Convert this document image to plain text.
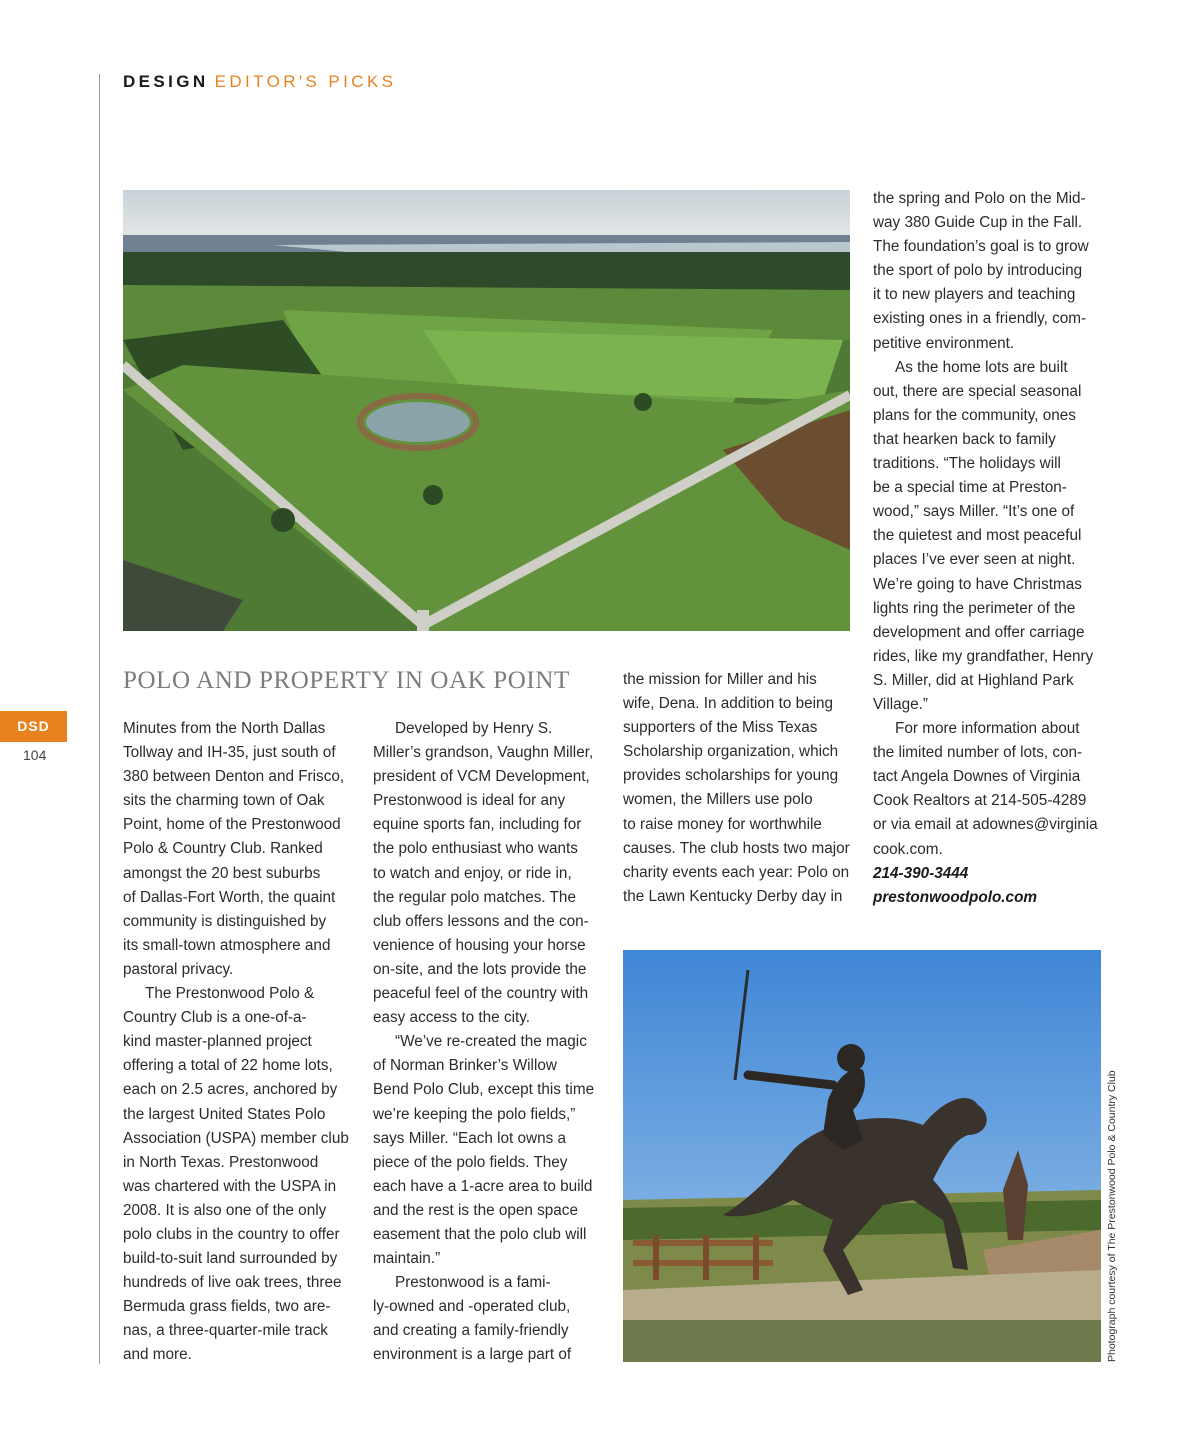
DESIGN EDITOR'S PICKS
DSD
104
POLO AND PROPERTY IN OAK POINT
Minutes from the North Dallas
Tollway and IH-35, just south of
380 between Denton and Frisco,
sits the charming town of Oak
Point, home of the Prestonwood
Polo & Country Club. Ranked
amongst the 20 best suburbs
of Dallas-Fort Worth, the quaint
community is distinguished by
its small-town atmosphere and
pastoral privacy.
The Prestonwood Polo &
Country Club is a one-of-a-
kind master-planned project
offering a total of 22 home lots,
each on 2.5 acres, anchored by
the largest United States Polo
Association (USPA) member club
in North Texas. Prestonwood
was chartered with the USPA in
2008. It is also one of the only
polo clubs in the country to offer
build-to-suit land surrounded by
hundreds of live oak trees, three
Bermuda grass fields, two are-
nas, a three-quarter-mile track
and more.
Developed by Henry S.
Miller’s grandson, Vaughn Miller,
president of VCM Development,
Prestonwood is ideal for any
equine sports fan, including for
the polo enthusiast who wants
to watch and enjoy, or ride in,
the regular polo matches. The
club offers lessons and the con-
venience of housing your horse
on-site, and the lots provide the
peaceful feel of the country with
easy access to the city.
“We’ve re-created the magic
of Norman Brinker’s Willow
Bend Polo Club, except this time
we’re keeping the polo fields,”
says Miller. “Each lot owns a
piece of the polo fields. They
each have a 1-acre area to build
and the rest is the open space
easement that the polo club will
maintain.”
Prestonwood is a fami-
ly-owned and -operated club,
and creating a family-friendly
environment is a large part of
the mission for Miller and his
wife, Dena. In addition to being
supporters of the Miss Texas
Scholarship organization, which
provides scholarships for young
women, the Millers use polo
to raise money for worthwhile
causes. The club hosts two major
charity events each year: Polo on
the Lawn Kentucky Derby day in
the spring and Polo on the Mid-
way 380 Guide Cup in the Fall.
The foundation’s goal is to grow
the sport of polo by introducing
it to new players and teaching
existing ones in a friendly, com-
petitive environment.
As the home lots are built
out, there are special seasonal
plans for the community, ones
that hearken back to family
traditions. “The holidays will
be a special time at Preston-
wood,” says Miller. “It’s one of
the quietest and most peaceful
places I’ve ever seen at night.
We’re going to have Christmas
lights ring the perimeter of the
development and offer carriage
rides, like my grandfather, Henry
S. Miller, did at Highland Park
Village.”
For more information about
the limited number of lots, con-
tact Angela Downes of Virginia
Cook Realtors at 214-505-4289
or via email at adownes@virginia
cook.com.
214-390-3444
prestonwoodpolo.com
Photograph courtesy of The Prestonwood Polo & Country Club
